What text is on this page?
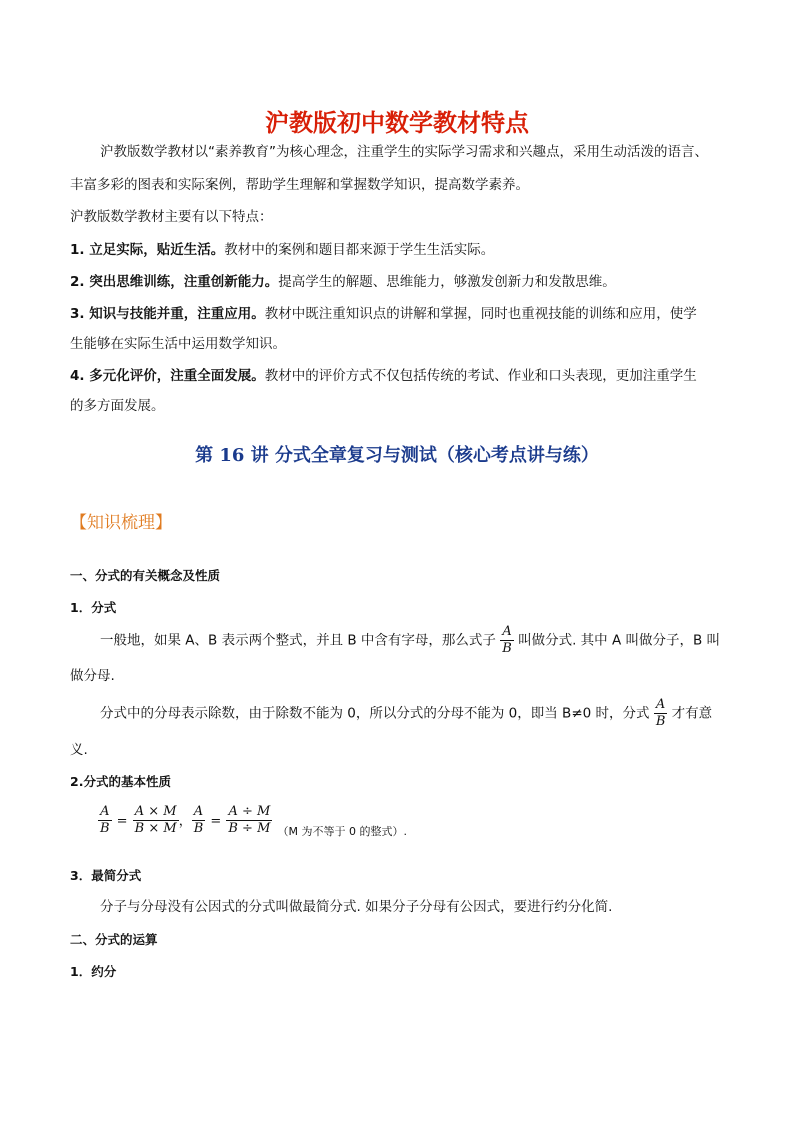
沪教版初中数学教材特点
沪教版数学教材以“素养教育”为核心理念，注重学生的实际学习需求和兴趣点，采用生动活泼的语言、
丰富多彩的图表和实际案例，帮助学生理解和掌握数学知识，提高数学素养。
沪教版数学教材主要有以下特点：
1. 立足实际，贴近生活。教材中的案例和题目都来源于学生生活实际。
2. 突出思维训练，注重创新能力。提高学生的解题、思维能力，够激发创新力和发散思维。
3. 知识与技能并重，注重应用。教材中既注重知识点的讲解和掌握，同时也重视技能的训练和应用，使学
生能够在实际生活中运用数学知识。
4. 多元化评价，注重全面发展。教材中的评价方式不仅包括传统的考试、作业和口头表现，更加注重学生
的多方面发展。
第 16 讲 分式全章复习与测试（核心考点讲与练）
【知识梳理】
一、分式的有关概念及性质
1．分式
一般地，如果 A、B 表示两个整式，并且 B 中含有字母，那么式子 $\frac{A}{B}$ 叫做分式. 其中 A 叫做分子，B 叫
做分母.
分式中的分母表示除数，由于除数不能为 0，所以分式的分母不能为 0，即当 B≠0 时，分式 $\frac{A}{B}$ 才有意
义.
2.分式的基本性质
$\frac{A}{B} = \frac{A \times M}{B \times M}$ ， $\frac{A}{B} = \frac{A \div M}{B \div M} _{(M 为不等于 0 的整式).}$
3．最简分式
分子与分母没有公因式的分式叫做最简分式. 如果分子分母有公因式，要进行约分化简.
二、分式的运算
1．约分
